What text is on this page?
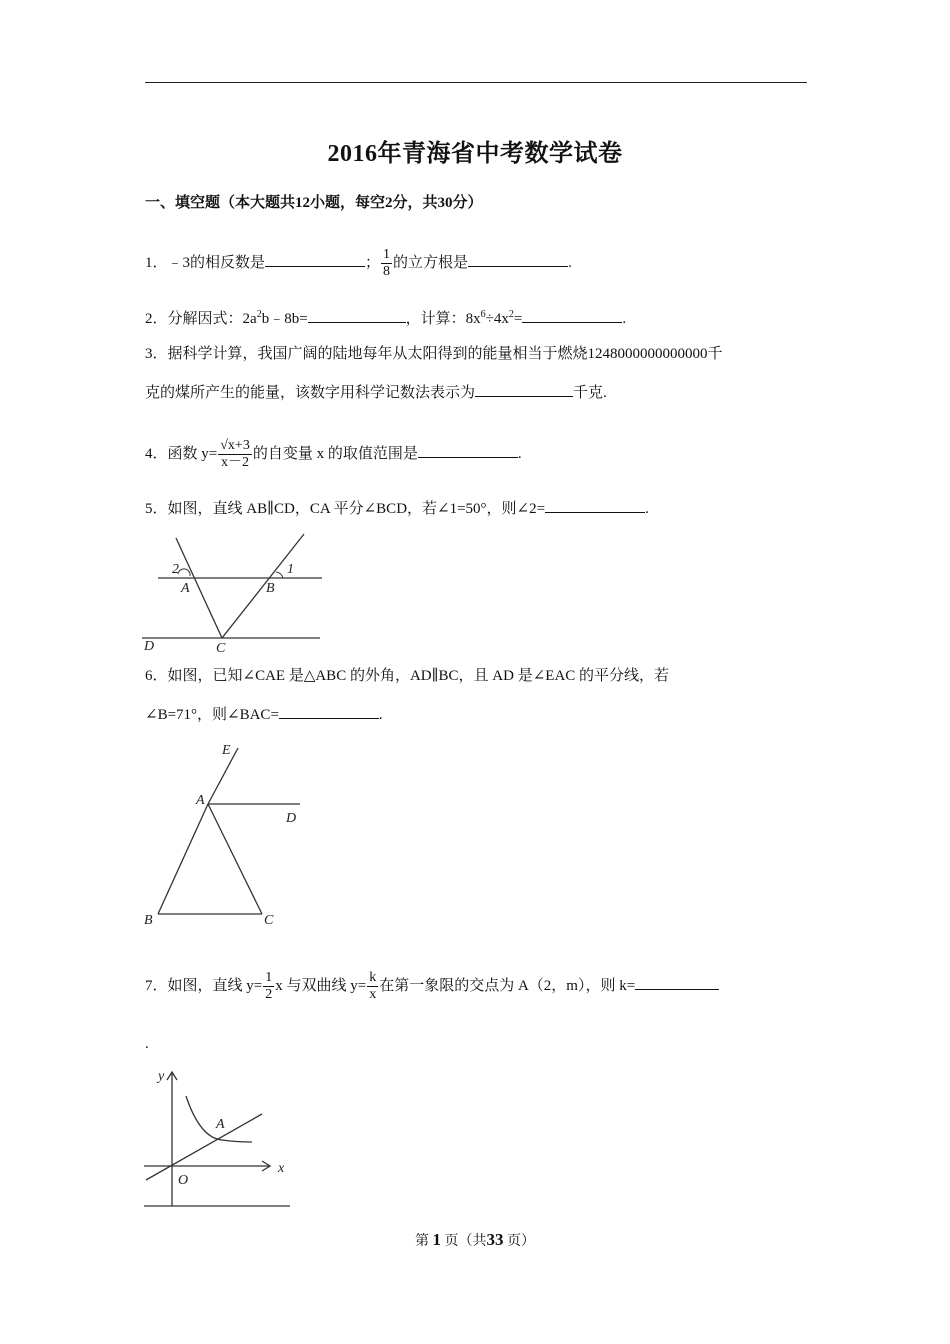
2016年青海省中考数学试卷
一、填空题（本大题共12小题，每空2分，共30分）
1．﹣3的相反数是	； $\frac{1}{8}$ 的立方根是	.
2．分解因式：$2a^2b﹣8b=$	，计算：$8x^6\div 4x^2=$	.
3．据科学计算，我国广阔的陆地每年从太阳得到的能量相当于燃烧1248000000000000千
克的煤所产生的能量，该数字用科学记数法表示为	千克.
4．函数 $y= \frac{√x+3}{x-2}$ 的自变量 x 的取值范围是	.
5．如图，直线 AB∥CD，CA 平分∠BCD，若∠1=50°，则∠2=	.
2	1
A	B
C
D
6．如图，已知∠CAE 是△ABC 的外角，AD∥BC，且 AD 是∠EAC 的平分线，若
∠B=71°，则∠BAC=	.
E
A
D
B	C
7．如图，直线 $y= \frac{1}{2}$ x 与双曲线 $y= \frac{k}{x}$ 在第一象限的交点为 A（2，m），则 k=
.
y
x
O
A
第 1 页（共33 页）
